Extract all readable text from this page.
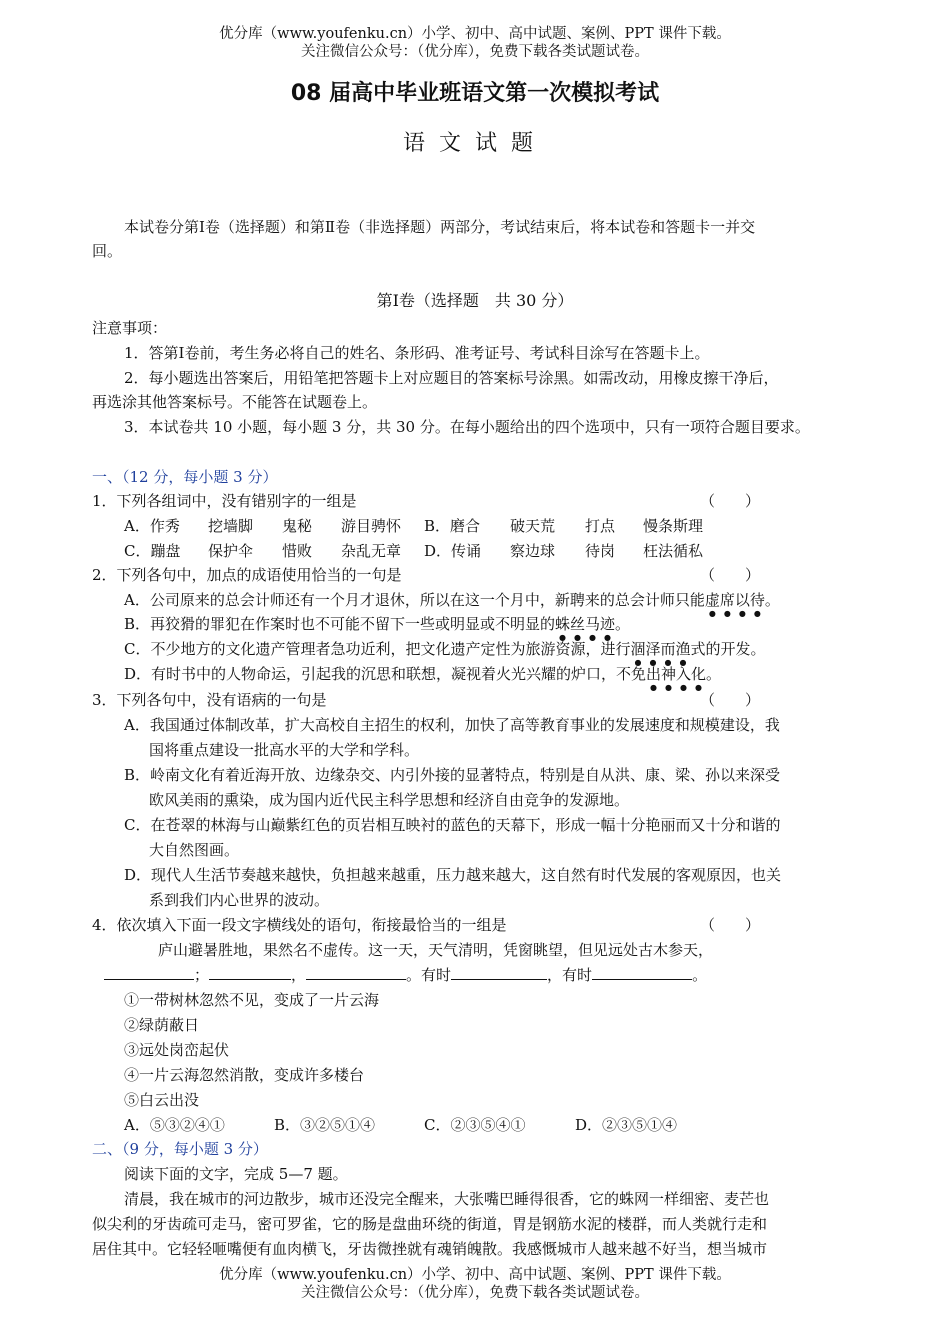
优分库（www.youfenku.cn）小学、初中、高中试题、案例、PPT 课件下载。
关注微信公众号：（优分库），免费下载各类试题试卷。
08 届高中毕业班语文第一次模拟考试
语文试题
本试卷分第Ⅰ卷（选择题）和第Ⅱ卷（非选择题）两部分，考试结束后，将本试卷和答题卡一并交
回。
第Ⅰ卷（选择题　共 30 分）
注意事项：
1．答第Ⅰ卷前，考生务必将自己的姓名、条形码、准考证号、考试科目涂写在答题卡上。
2．每小题选出答案后，用铅笔把答题卡上对应题目的答案标号涂黑。如需改动，用橡皮擦干净后，
再选涂其他答案标号。不能答在试题卷上。
3．本试卷共 10 小题，每小题 3 分，共 30 分。在每小题给出的四个选项中，只有一项符合题目要求。
一、（12 分，每小题 3 分）
1．下列各组词中，没有错别字的一组是	（　　）
A．作秀 挖墙脚 鬼秘 游目骋怀 B．磨合 破天荒 打点 慢条斯理
C．蹦盘 保护伞 惜败 杂乱无章 D．传诵 察边球 待岗 枉法循私
2．下列各句中，加点的成语使用恰当的一句是	（　　）
A．公司原来的总会计师还有一个月才退休，所以在这一个月中，新聘来的总会计师只能虚席以待。
B．再狡猾的罪犯在作案时也不可能不留下一些或明显或不明显的蛛丝马迹。
C．不少地方的文化遗产管理者急功近利，把文化遗产定性为旅游资源，进行涸泽而渔式的开发。
D．有时书中的人物命运，引起我的沉思和联想，凝视着火光兴耀的炉口，不免出神入化。
3．下列各句中，没有语病的一句是	（　　）
A．我国通过体制改革，扩大高校自主招生的权利，加快了高等教育事业的发展速度和规模建设，我
国将重点建设一批高水平的大学和学科。
B．岭南文化有着近海开放、边缘杂交、内引外接的显著特点，特别是自从洪、康、梁、孙以来深受
欧风美雨的熏染，成为国内近代民主科学思想和经济自由竞争的发源地。
C．在苍翠的林海与山巅紫红色的页岩相互映衬的蓝色的天幕下，形成一幅十分艳丽而又十分和谐的
大自然图画。
D．现代人生活节奏越来越快，负担越来越重，压力越来越大，这自然有时代发展的客观原因，也关
系到我们内心世界的波动。
4．依次填入下面一段文字横线处的语句，衔接最恰当的一组是	（　　）
庐山避暑胜地，果然名不虚传。这一天，天气清明，凭窗眺望，但见远处古木参天，
；	，	。有时	，有时	。
①一带树林忽然不见，变成了一片云海
②绿荫蔽日
③远处岗峦起伏
④一片云海忽然消散，变成许多楼台
⑤白云出没
A．⑤③②④①	B．③②⑤①④	C．②③⑤④①	D．②③⑤①④
二、（9 分，每小题 3 分）
阅读下面的文字，完成 5—7 题。
清晨，我在城市的河边散步，城市还没完全醒来，大张嘴巴睡得很香，它的蛛网一样细密、麦芒也
似尖利的牙齿疏可走马，密可罗雀，它的肠是盘曲环绕的街道，胃是钢筋水泥的楼群，而人类就行走和
居住其中。它轻轻咂嘴便有血肉横飞，牙齿微挫就有魂销魄散。我感慨城市人越来越不好当，想当城市
优分库（www.youfenku.cn）小学、初中、高中试题、案例、PPT 课件下载。
关注微信公众号：（优分库），免费下载各类试题试卷。
